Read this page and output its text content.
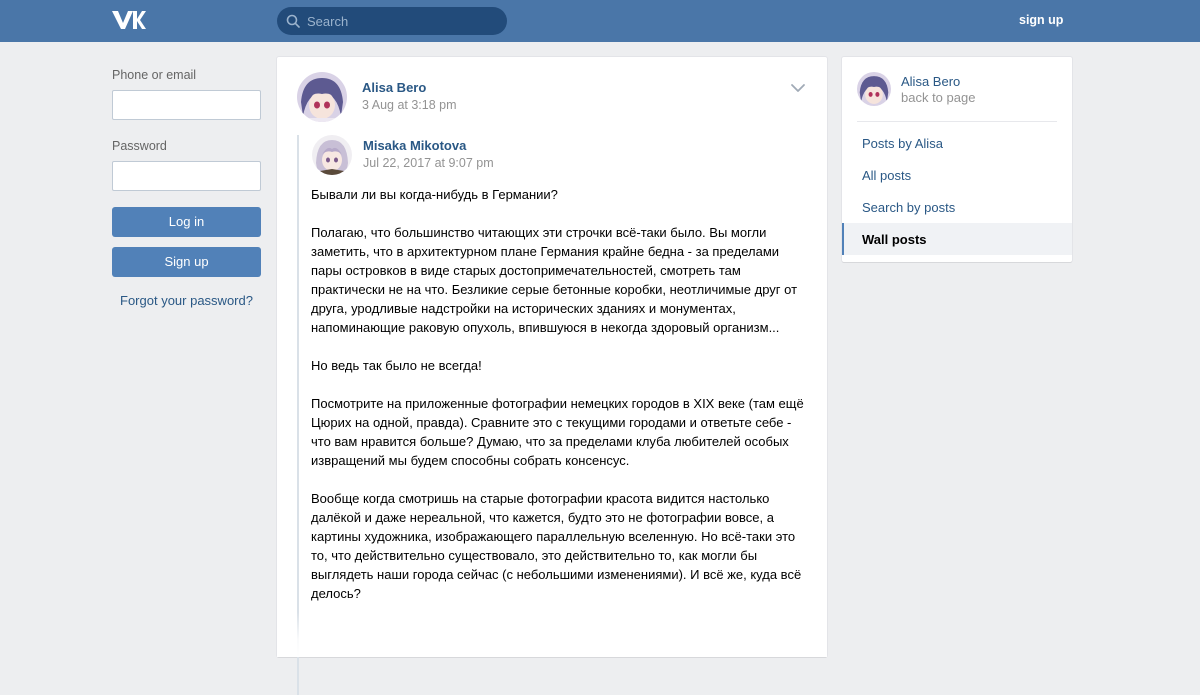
Search
sign up
Phone or email
Password
Log in
Sign up
Forgot your password?
Alisa Bero
3 Aug at 3:18 pm
Misaka Mikotova
Jul 22, 2017 at 9:07 pm

Бывали ли вы когда-нибудь в Германии?

Полагаю, что большинство читающих эти строчки всё-таки было. Вы могли заметить, что в архитектурном плане Германия крайне бедна - за пределами пары островков в виде старых достопримечательностей, смотреть там практически не на что. Безликие серые бетонные коробки, неотличимые друг от друга, уродливые надстройки на исторических зданиях и монументах, напоминающие раковую опухоль, впившуюся в некогда здоровый организм...

Но ведь так было не всегда!

Посмотрите на приложенные фотографии немецких городов в XIX веке (там ещё Цюрих на одной, правда). Сравните это с текущими городами и ответьте себе - что вам нравится больше? Думаю, что за пределами клуба любителей особых извращений мы будем способны собрать консенсус.

Вообще когда смотришь на старые фотографии красота видится настолько далёкой и даже нереальной, что кажется, будто это не фотографии вовсе, а картины художника, изображающего параллельную вселенную. Но всё-таки это то, что действительно существовало, это действительно то, как могли бы выглядеть наши города сейчас (с небольшими изменениями). И всё же, куда всё делось?

Alisa Bero
back to page
Posts by Alisa
All posts
Search by posts
Wall posts
